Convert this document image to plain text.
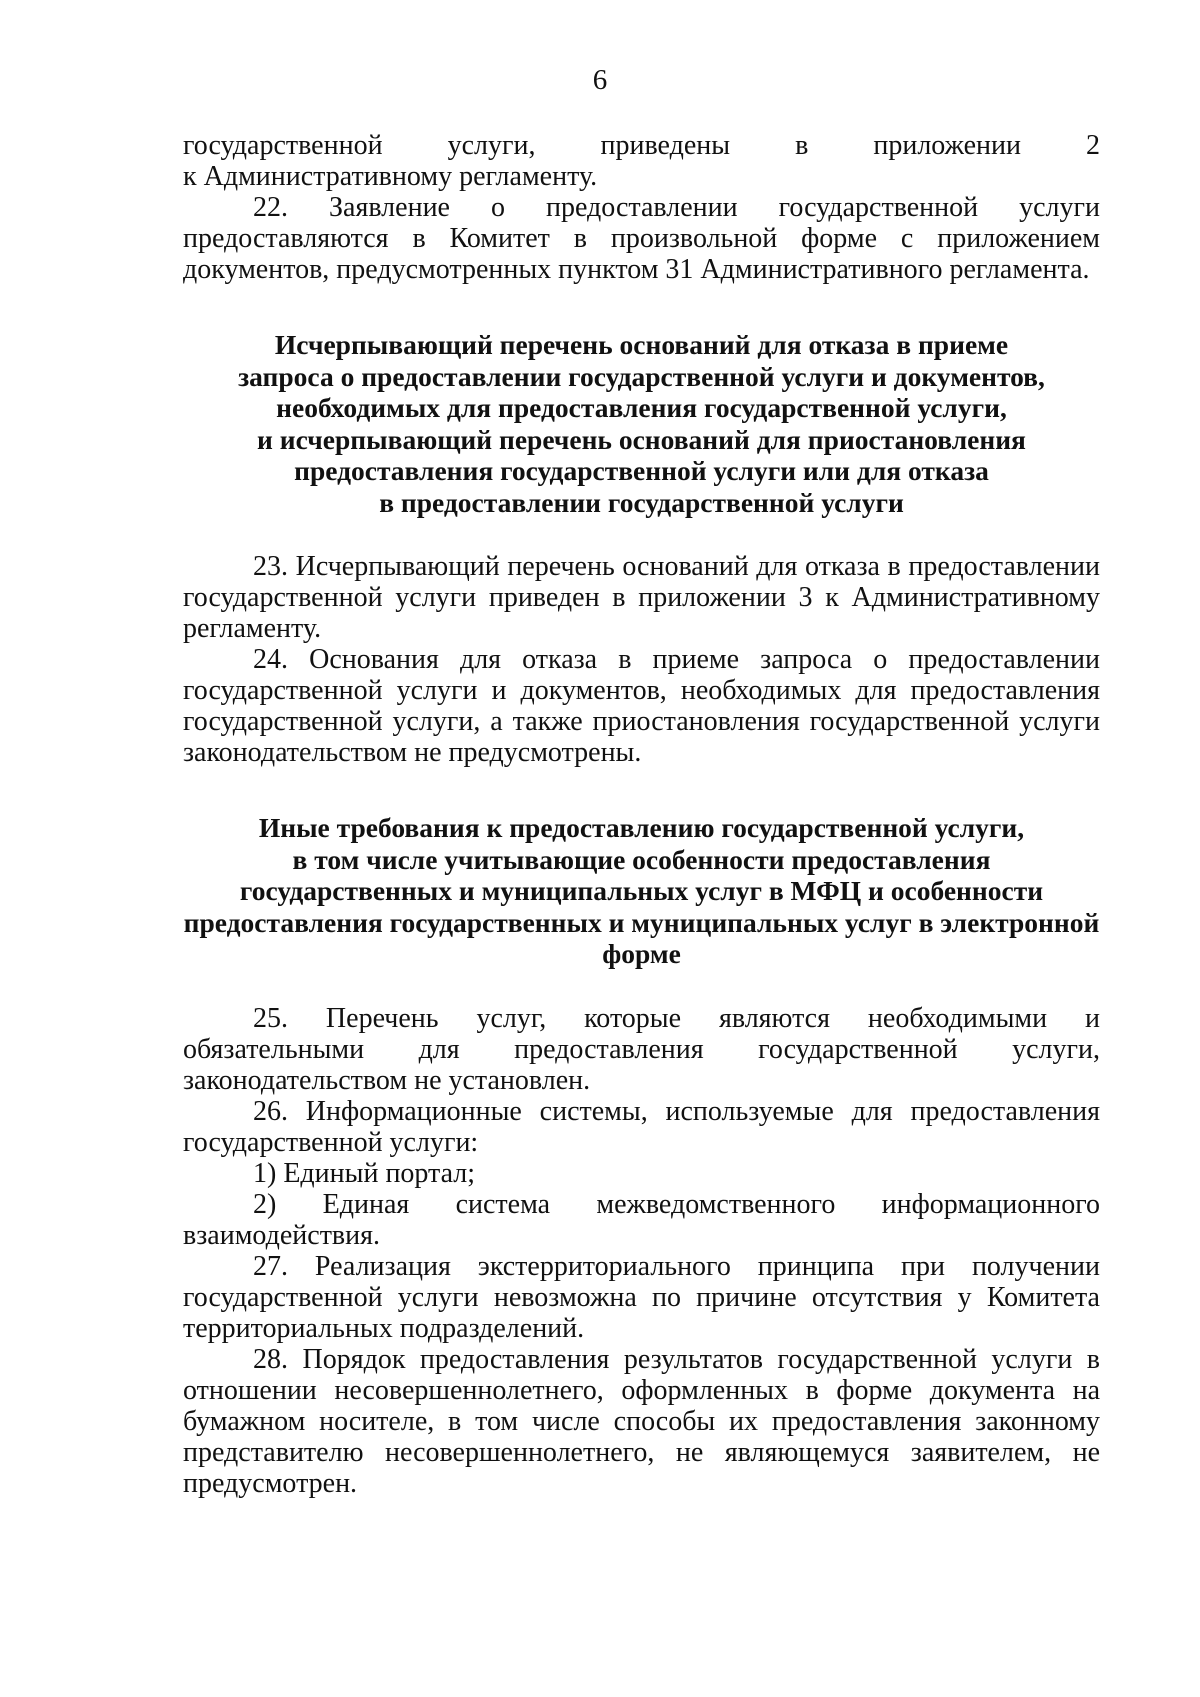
6

государственной услуги, приведены в приложении 2

к Административному регламенту.

22. Заявление о предоставлении государственной услуги предоставляются в Комитет в произвольной форме с приложением документов, предусмотренных пунктом 31 Административного регламента.

Исчерпывающий перечень оснований для отказа в приеме
запроса о предоставлении государственной услуги и документов,
необходимых для предоставления государственной услуги,
и исчерпывающий перечень оснований для приостановления
предоставления государственной услуги или для отказа
в предоставлении государственной услуги

23. Исчерпывающий перечень оснований для отказа в предоставлении государственной услуги приведен в приложении 3 к Административному регламенту.

24. Основания для отказа в приеме запроса о предоставлении государственной услуги и документов, необходимых для предоставления государственной услуги, а также приостановления государственной услуги законодательством не предусмотрены.

Иные требования к предоставлению государственной услуги,
в том числе учитывающие особенности предоставления
государственных и муниципальных услуг в МФЦ и особенности
предоставления государственных и муниципальных услуг в электронной
форме

25. Перечень услуг, которые являются необходимыми и обязательными для предоставления государственной услуги, законодательством не установлен.

26. Информационные системы, используемые для предоставления государственной услуги:

1) Единый портал;

2) Единая система межведомственного информационного взаимодействия.

27. Реализация экстерриториального принципа при получении государственной услуги невозможна по причине отсутствия у Комитета территориальных подразделений.

28. Порядок предоставления результатов государственной услуги в отношении несовершеннолетнего, оформленных в форме документа на бумажном носителе, в том числе способы их предоставления законному представителю несовершеннолетнего, не являющемуся заявителем, не предусмотрен.
